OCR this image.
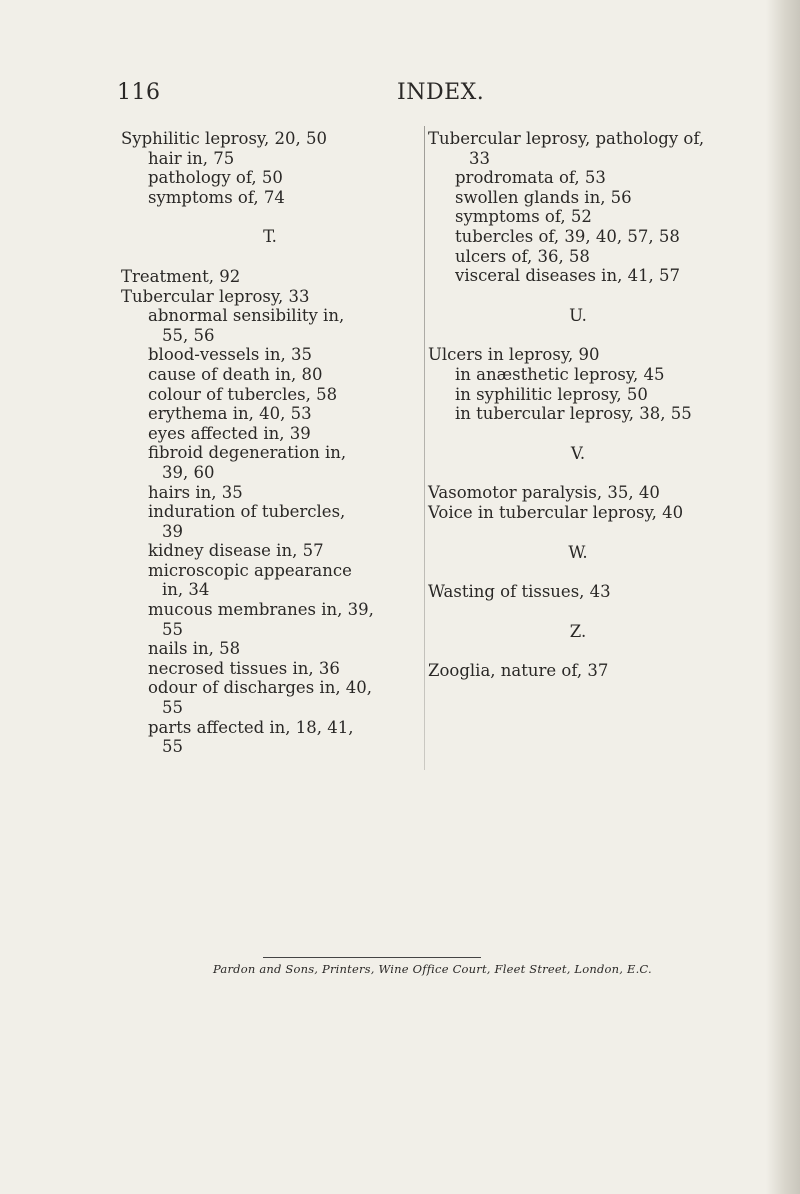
116	INDEX.
Syphilitic leprosy, 20, 50
hair in, 75
pathology of, 50
symptoms of, 74
T.
Treatment, 92
Tubercular leprosy, 33
abnormal sensibility in,
55, 56
blood-vessels in, 35
cause of death in, 80
colour of tubercles, 58
erythema in, 40, 53
eyes affected in, 39
fibroid degeneration in,
39, 60
hairs in, 35
induration of tubercles,
39
kidney disease in, 57
microscopic appearance
in, 34
mucous membranes in, 39,
55
nails in, 58
necrosed tissues in, 36
odour of discharges in, 40,
55
parts affected in, 18, 41,
55
Tubercular leprosy, pathology of,
33
prodromata of, 53
swollen glands in, 56
symptoms of, 52
tubercles of, 39, 40, 57, 58
ulcers of, 36, 58
visceral diseases in, 41, 57
U.
Ulcers in leprosy, 90
in anæsthetic leprosy, 45
in syphilitic leprosy, 50
in tubercular leprosy, 38, 55
V.
Vasomotor paralysis, 35, 40
Voice in tubercular leprosy, 40
W.
Wasting of tissues, 43
Z.
Zooglia, nature of, 37
Pardon and Sons, Printers, Wine Office Court, Fleet Street, London, E.C.
